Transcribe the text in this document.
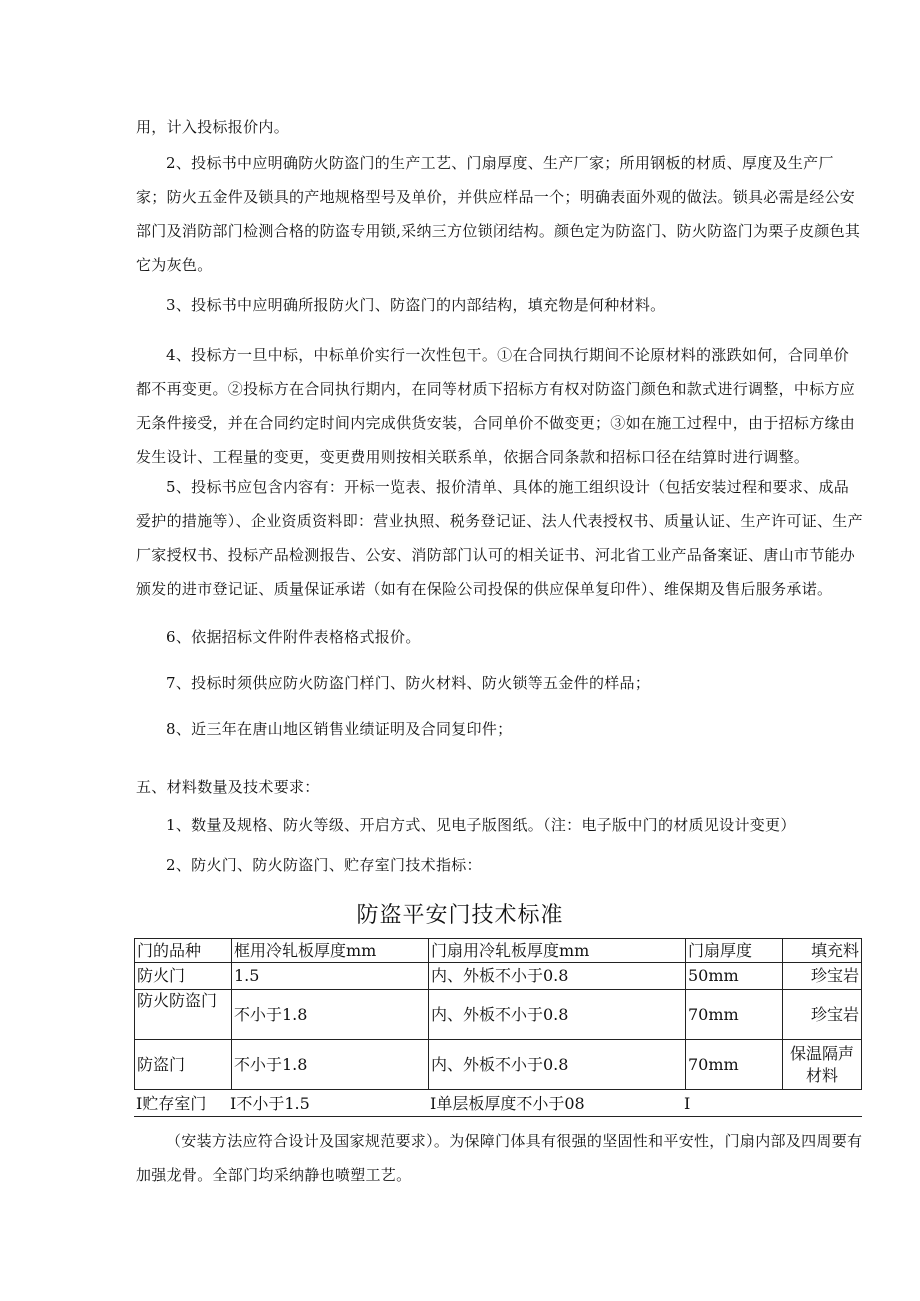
用，计入投标报价内。

2、投标书中应明确防火防盗门的生产工艺、门扇厚度、生产厂家；所用钢板的材质、厚度及生产厂家；防火五金件及锁具的产地规格型号及单价，并供应样品一个；明确表面外观的做法。锁具必需是经公安部门及消防部门检测合格的防盗专用锁,采纳三方位锁闭结构。颜色定为防盗门、防火防盗门为栗子皮颜色其它为灰色。

3、投标书中应明确所报防火门、防盗门的内部结构，填充物是何种材料。

4、投标方一旦中标，中标单价实行一次性包干。①在合同执行期间不论原材料的涨跌如何，合同单价都不再变更。②投标方在合同执行期内，在同等材质下招标方有权对防盗门颜色和款式进行调整，中标方应无条件接受，并在合同约定时间内完成供货安装，合同单价不做变更；③如在施工过程中，由于招标方缘由发生设计、工程量的变更，变更费用则按相关联系单，依据合同条款和招标口径在结算时进行调整。

5、投标书应包含内容有：开标一览表、报价清单、具体的施工组织设计（包括安装过程和要求、成品爱护的措施等）、企业资质资料即：营业执照、税务登记证、法人代表授权书、质量认证、生产许可证、生产厂家授权书、投标产品检测报告、公安、消防部门认可的相关证书、河北省工业产品备案证、唐山市节能办颁发的进市登记证、质量保证承诺（如有在保险公司投保的供应保单复印件）、维保期及售后服务承诺。

6、依据招标文件附件表格格式报价。

7、投标时须供应防火防盗门样门、防火材料、防火锁等五金件的样品；

8、近三年在唐山地区销售业绩证明及合同复印件；

五、材料数量及技术要求：

1、数量及规格、防火等级、开启方式、见电子版图纸。（注：电子版中门的材质见设计变更）

2、防火门、防火防盗门、贮存室门技术指标：

防盗平安门技术标准
门的品种	框用冷轧板厚度mm	门扇用冷轧板厚度mm	门扇厚度	填充料
防火门	1.5	内、外板不小于0.8	50mm	珍宝岩
防火防盗门	不小于1.8	内、外板不小于0.8	70mm	珍宝岩
防盗门	不小于1.8	内、外板不小于0.8	70mm	保温隔声材料
I贮存室门 I不小于1.5	I单层板厚度不小于08	I

（安装方法应符合设计及国家规范要求）。为保障门体具有很强的坚固性和平安性，门扇内部及四周要有加强龙骨。全部门均采纳静也喷塑工艺。
